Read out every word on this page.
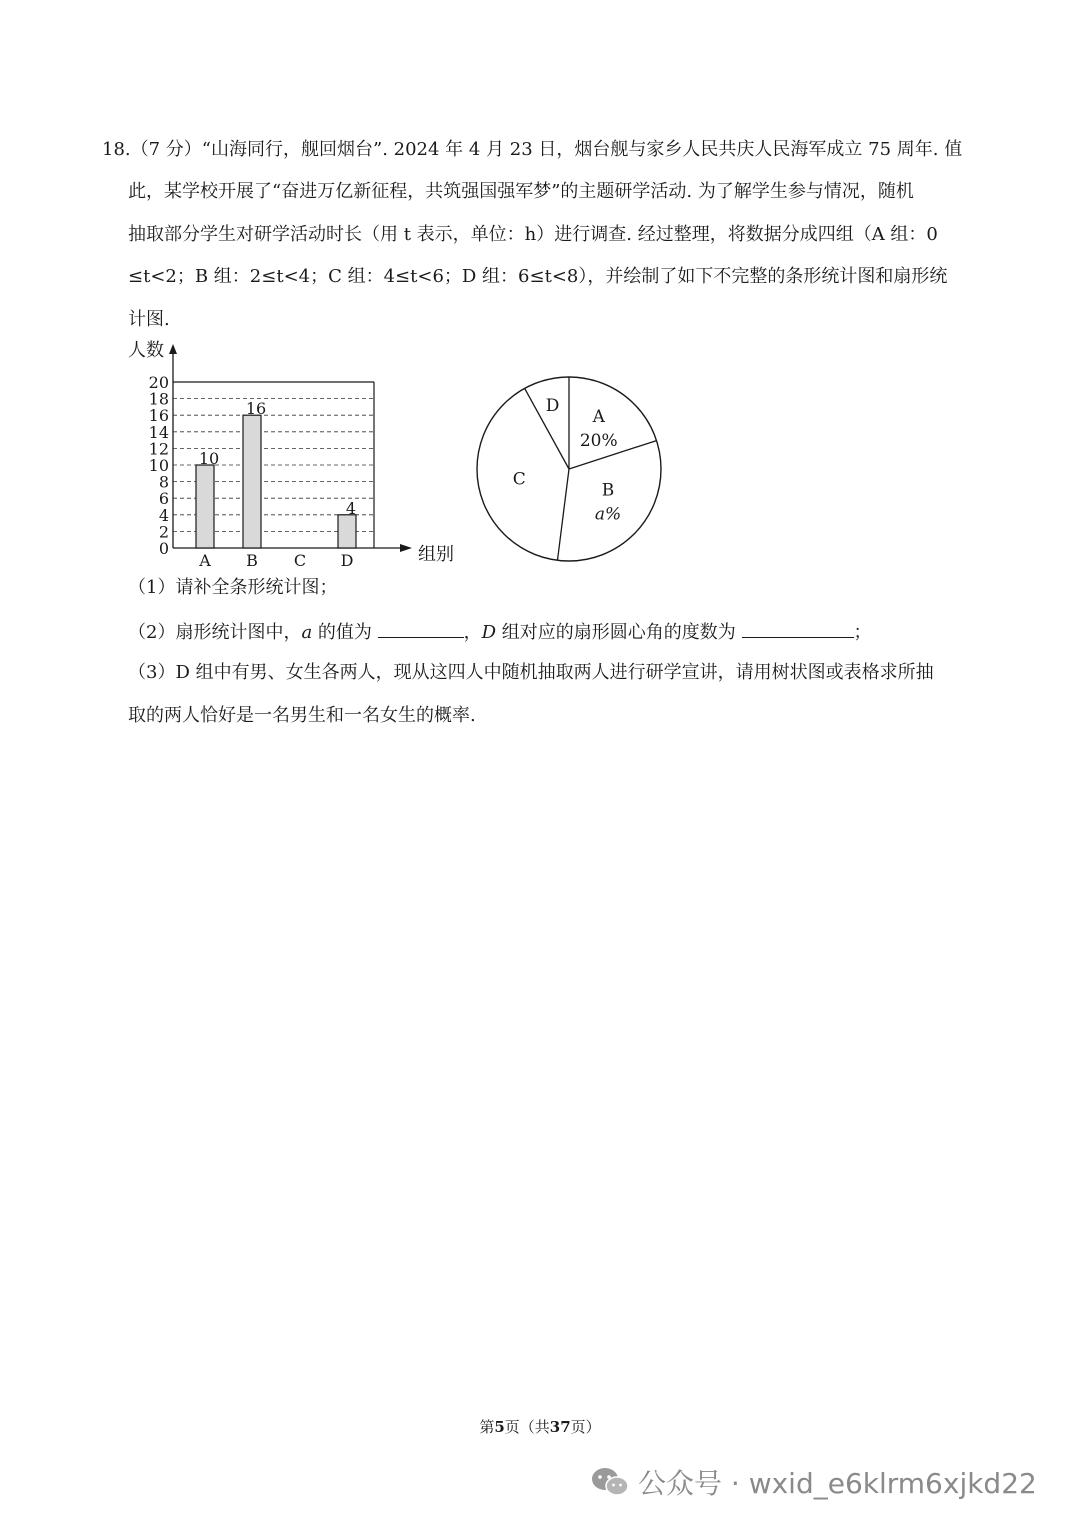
18.（7 分）“山海同行，舰回烟台”. 2024 年 4 月 23 日，烟台舰与家乡人民共庆人民海军成立 75 周年. 值
此，某学校开展了“奋进万亿新征程，共筑强国强军梦”的主题研学活动. 为了解学生参与情况，随机
抽取部分学生对研学活动时长（用 t 表示，单位：h）进行调查. 经过整理，将数据分成四组（A 组：0
≤t<2；B 组：2≤t<4；C 组：4≤t<6；D 组：6≤t<8），并绘制了如下不完整的条形统计图和扇形统
计图.
人数
0
2
4
6
8
10
12
14
16
18
20
10
16
4
A B C D	组别
A
20%
B
a%
C
D
（1）请补全条形统计图；
（2）扇形统计图中，a 的值为	，D 组对应的扇形圆心角的度数为	；
（3）D 组中有男、女生各两人，现从这四人中随机抽取两人进行研学宣讲，请用树状图或表格求所抽
取的两人恰好是一名男生和一名女生的概率.
第5页（共37页）
公众号 · wxid_e6klrm6xjkd22
